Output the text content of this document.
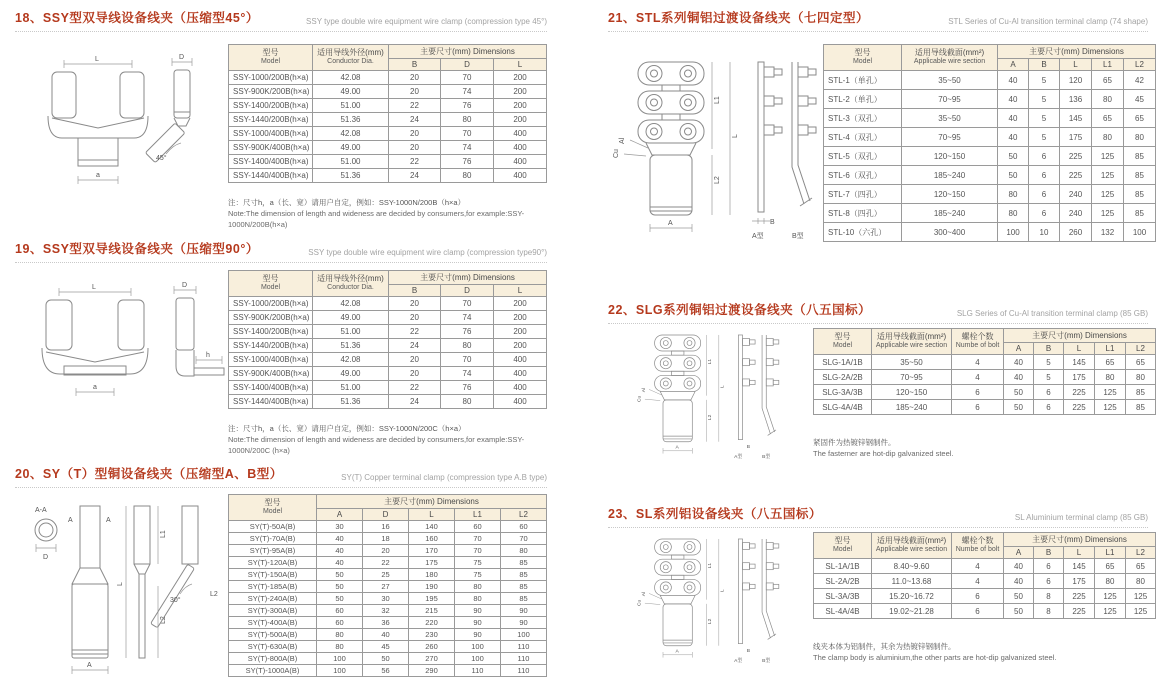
18、SSY型双导线设备线夹（压缩型45°）	SSY type double wire equipment wire clamp (compression type 45°)
L
a
45°
D
型号
Model

适用导线外径(mm)
Conductor Dia.
	主要尺寸(mm) Dimensions
		B	D	L
SSY-1000/200B(h×a)	42.08	20	70	200
SSY-900K/200B(h×a)	49.00	20	74	200
SSY-1400/200B(h×a)	51.00	22	76	200
SSY-1440/200B(h×a)	51.36	24	80	200
SSY-1000/400B(h×a)	42.08	20	70	400
SSY-900K/400B(h×a)	49.00	20	74	400
SSY-1400/400B(h×a)	51.00	22	76	400
SSY-1440/400B(h×a)	51.36	24	80	400
注：尺寸h，a（长、宽）请用户自定，例如：SSY-1000N/200B（h×a）
Note:The dimension of length and wideness are decided by consumers,for example:SSY-1000N/200B(h×a)
19、SSY型双导线设备线夹（压缩型90°）	SSY type double wire equipment wire clamp (compression type90°)
L
a
h
D
型号
Model

适用导线外径(mm)
Conductor Dia.
	主要尺寸(mm) Dimensions
		B	D	L
SSY-1000/200B(h×a)	42.08	20	70	200
SSY-900K/200B(h×a)	49.00	20	74	200
SSY-1400/200B(h×a)	51.00	22	76	200
SSY-1440/200B(h×a)	51.36	24	80	200
SSY-1000/400B(h×a)	42.08	20	70	400
SSY-900K/400B(h×a)	49.00	20	74	400
SSY-1400/400B(h×a)	51.00	22	76	400
SSY-1440/400B(h×a)	51.36	24	80	400
注：尺寸h，a（长、宽）请用户自定，例如：SSY-1000N/200C（h×a）
Note:The dimension of length and wideness are decided by consumers,for example:SSY-1000N/200C (h×a)
20、SY（T）型铜设备线夹（压缩型A、B型）	SY(T) Copper terminal clamp (compression type A.B type)
A-A
D
A	A
A
L
L1
L2
30°
L2
型号
Model	主要尺寸(mm) Dimensions				
	A	D	L	L1	L2
SY(T)-50A(B)	30	16	140	60	60
SY(T)-70A(B)	40	18	160	70	70
SY(T)-95A(B)	40	20	170	70	80
SY(T)-120A(B)	40	22	175	75	85
SY(T)-150A(B)	50	25	180	75	85
SY(T)-185A(B)	50	27	190	80	85
SY(T)-240A(B)	50	30	195	80	85
SY(T)-300A(B)	60	32	215	90	90
SY(T)-400A(B)	60	36	220	90	90
SY(T)-500A(B)	80	40	230	90	100
SY(T)-630A(B)	80	45	260	100	110
SY(T)-800A(B)	100	50	270	100	110
SY(T)-1000A(B)	100	56	290	110	110
21、STL系列铜铝过渡设备线夹（七四定型）	STL Series of Cu-Al transition terminal clamp (74 shape)
L1
L
L2
A
Al
Cu
B
A型	B型
型号
Model

适用导线截面(mm²)
Applicable wire section
	主要尺寸(mm) Dimensions
		A	B	L	L1	L2
STL-1（单孔）	35~50	40	5	120	65	42
STL-2（单孔）	70~95	40	5	136	80	45
STL-3（双孔）	35~50	40	5	145	65	65
STL-4（双孔）	70~95	40	5	175	80	80
STL-5（双孔）	120~150	50	6	225	125	85
STL-6（双孔）	185~240	50	6	225	125	85
STL-7（四孔）	120~150	80	6	240	125	85
STL-8（四孔）	185~240	80	6	240	125	85
STL-10（六孔）	300~400	100	10	260	132	100
22、SLG系列铜铝过渡设备线夹（八五国标）	SLG Series of Cu-Al transition terminal clamp (85 GB)
L1
L
L2
A
Al
Cu
B
A型	B型
型号
Model

适用导线截面(mm²)
Applicable wire section

螺栓个数
Numbe of bolt
	主要尺寸(mm) Dimensions
			A	B	L	L1	L2
SLG-1A/1B	35~50	4	40	5	145	65	65
SLG-2A/2B	70~95	4	40	5	175	80	80
SLG-3A/3B	120~150	6	50	6	225	125	85
SLG-4A/4B	185~240	6	50	6	225	125	85
紧固件为热镀锌钢制件。
The fasterner are hot-dip galvanized steel.
23、SL系列铝设备线夹（八五国标）	SL Aluminium terminal clamp (85 GB)
L1
L
L2
A
Al
Cu
B
A型	B型
型号
Model

适用导线截面(mm²)
Applicable wire section

螺栓个数
Numbe of bolt
	主要尺寸(mm) Dimensions
			A	B	L	L1	L2
SL-1A/1B	8.40~9.60	4	40	6	145	65	65
SL-2A/2B	11.0~13.68	4	40	6	175	80	80
SL-3A/3B	15.20~16.72	6	50	8	225	125	125
SL-4A/4B	19.02~21.28	6	50	8	225	125	125
线夹本体为铝制件，其余为热镀锌钢制件。
The clamp body is aluminium,the other parts are hot-dip galvanized steel.
